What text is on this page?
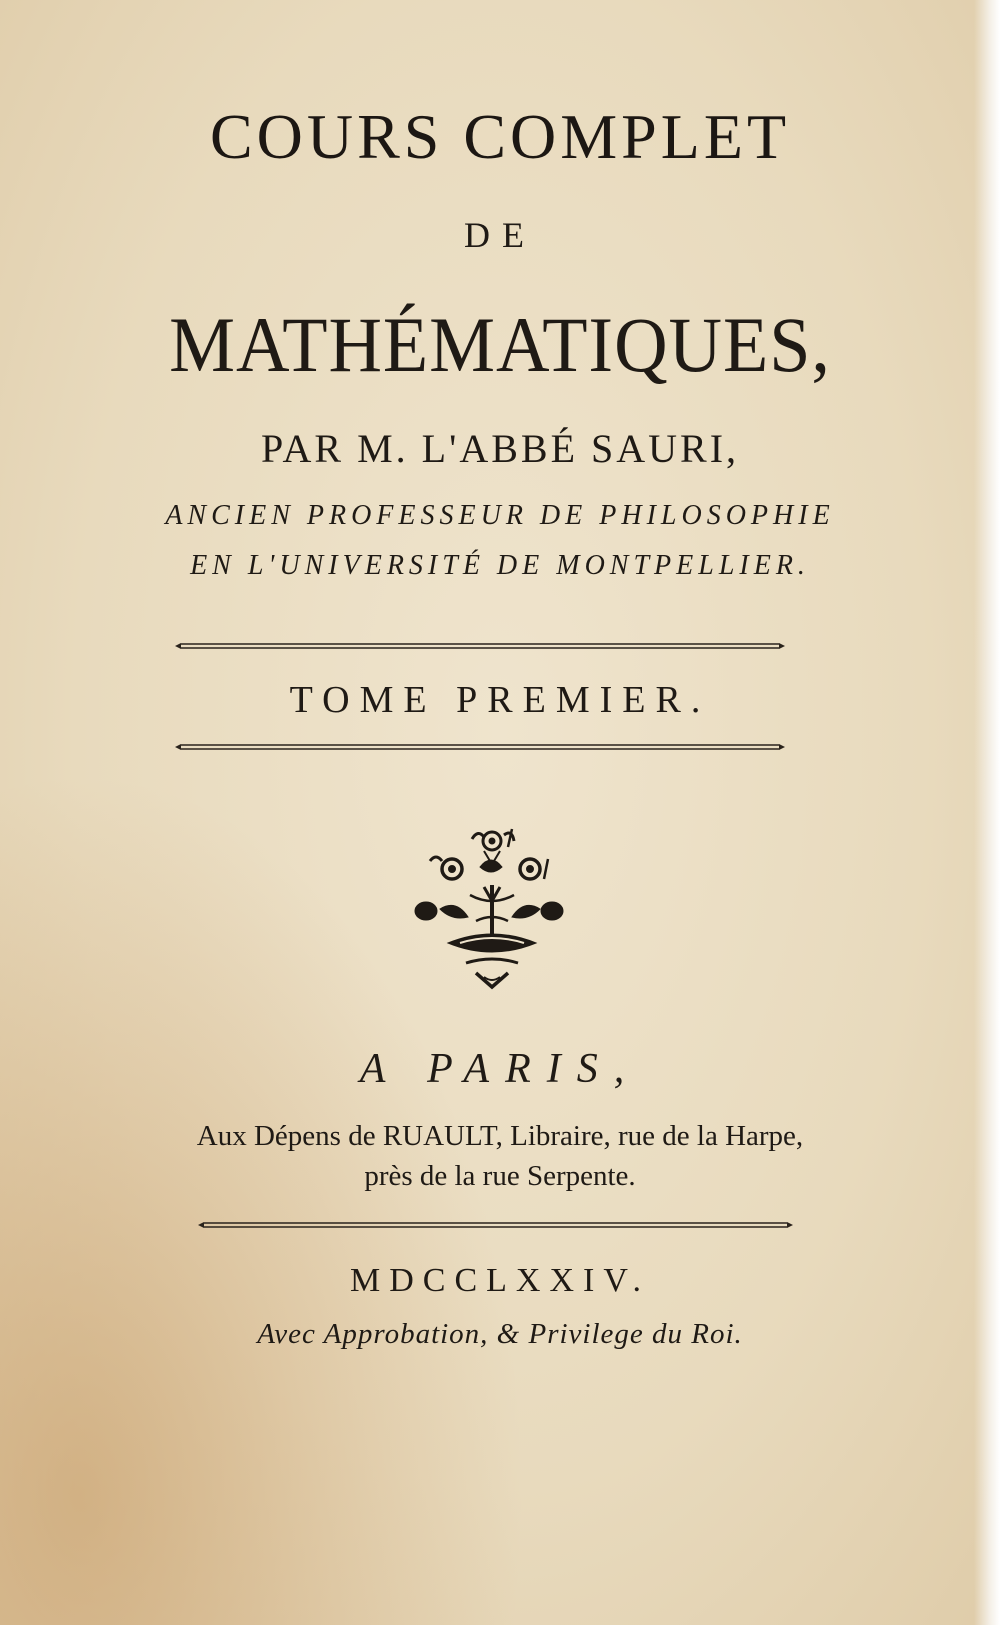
COURS COMPLET
DE
MATHÉMATIQUES,
PAR M. L'ABBÉ SAURI,
ANCIEN PROFESSEUR DE PHILOSOPHIE
EN L'UNIVERSITÉ DE MONTPELLIER.
TOME PREMIER.
A PARIS,
Aux Dépens de RUAULT, Libraire, rue de la Harpe,
près de la rue Serpente.
MDCCLXXIV.
Avec Approbation, & Privilege du Roi.
